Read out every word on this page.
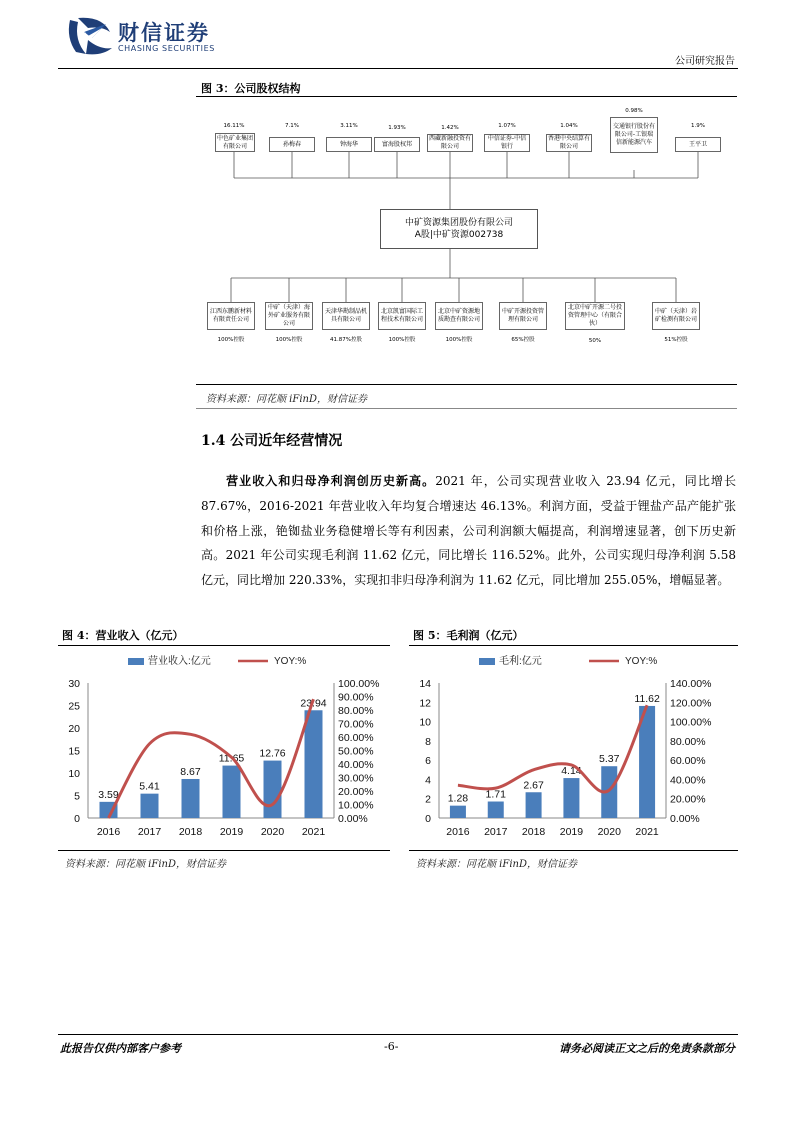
财信证券
CHASING SECURITIES
公司研究报告
图 3：公司股权结构
16.11%	7.1%	3.11%	1.93%	1.42%	1.07%	1.04%
0.98%
1.9%
中色矿业集团有限公司	孙梅春	钟海华	富海股权邦
西藏新融投资有限公司
中信证券-中信银行
香港中央结算有限公司
交通银行股份有限公司-工银瑞信新能源汽车	王平卫
中矿资源集团股份有限公司
A股|中矿资源002738
江西东鹏新材料有限责任公司
中矿（天津）海外矿业服务有限公司
天津华勘制品机具有限公司
北京凯富国际工程技术有限公司
北京中矿资源地质勘查有限公司
中矿开源投资管理有限公司
北京中矿开源二号投资管理中心（有限合伙）
中矿（天津）岩矿检测有限公司
100%控股	100%控股	41.87%控股	100%控股	100%控股	65%控股	50%	51%控股
资料来源：同花顺 iFinD，财信证券
1.4 公司近年经营情况
营业收入和归母净利润创历史新高。2021 年，公司实现营业收入 23.94 亿元，同比增长 87.67%，2016-2021 年营业收入年均复合增速达 46.13%。利润方面，受益于锂盐产品产能扩张和价格上涨，铯铷盐业务稳健增长等有利因素，公司利润额大幅提高，利润增速显著，创下历史新高。2021 年公司实现毛利润 11.62 亿元，同比增长 116.52%。此外，公司实现归母净利润 5.58 亿元，同比增加 220.33%，实现扣非归母净利润为 11.62 亿元，同比增加 255.05%，增幅显著。
图 4：营业收入（亿元）
营业收入:亿元	YOY:%
0
5
10
15
20
25
30
0.00%
10.00%
20.00%
30.00%
40.00%
50.00%
60.00%
70.00%
80.00%
90.00%
100.00%
3.59
2016
5.41
2017
8.67
2018
11.65
2019
12.76
2020
23.94
2021
资料来源：同花顺 iFinD，财信证券
图 5：毛利润（亿元）
毛利:亿元	YOY:%
0
2
4
6
8
10
12
14
0.00%
20.00%
40.00%
60.00%
80.00%
100.00%
120.00%
140.00%
1.28
2016
1.71
2017
2.67
2018
4.14
2019
5.37
2020
11.62
2021
资料来源：同花顺 iFinD，财信证券
此报告仅供内部客户参考	-6-	请务必阅读正文之后的免责条款部分
